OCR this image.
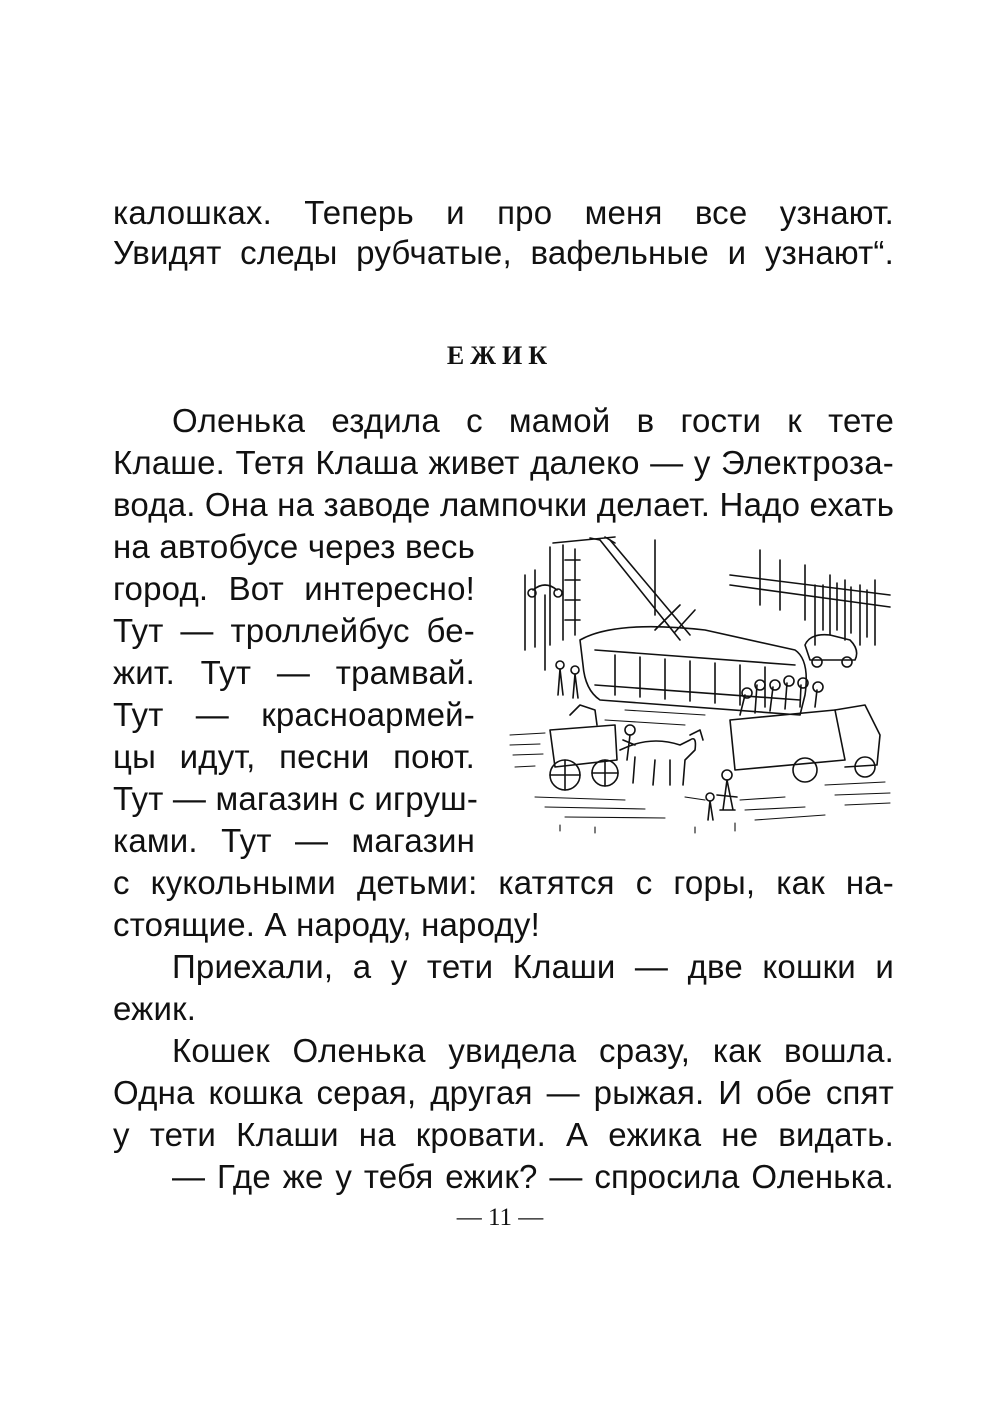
калошках. Теперь и про меня все узнают.
Увидят следы рубчатые, вафельные и узнают“.
ЕЖИК
Оленька ездила с мамой в гости к тете
Клаше. Тетя Клаша живет далеко — у Электроза-
вода. Она на заводе лампочки делает. Надо ехать
на автобусе через весь
город. Вот интересно!
Тут — троллейбус бе-
жит. Тут — трамвай.
Тут — красноармей-
цы идут, песни поют.
Тут — магазин с игруш-
ками. Тут — магазин
с кукольными детьми: катятся с горы, как на-
стоящие. А народу, народу!
Приехали, а у тети Клаши — две кошки и
ежик.
Кошек Оленька увидела сразу, как вошла.
Одна кошка серая, другая — рыжая. И обе спят
у тети Клаши на кровати. А ежика не видать.
— Где же у тебя ежик? — спросила Оленька.
— 11 —
